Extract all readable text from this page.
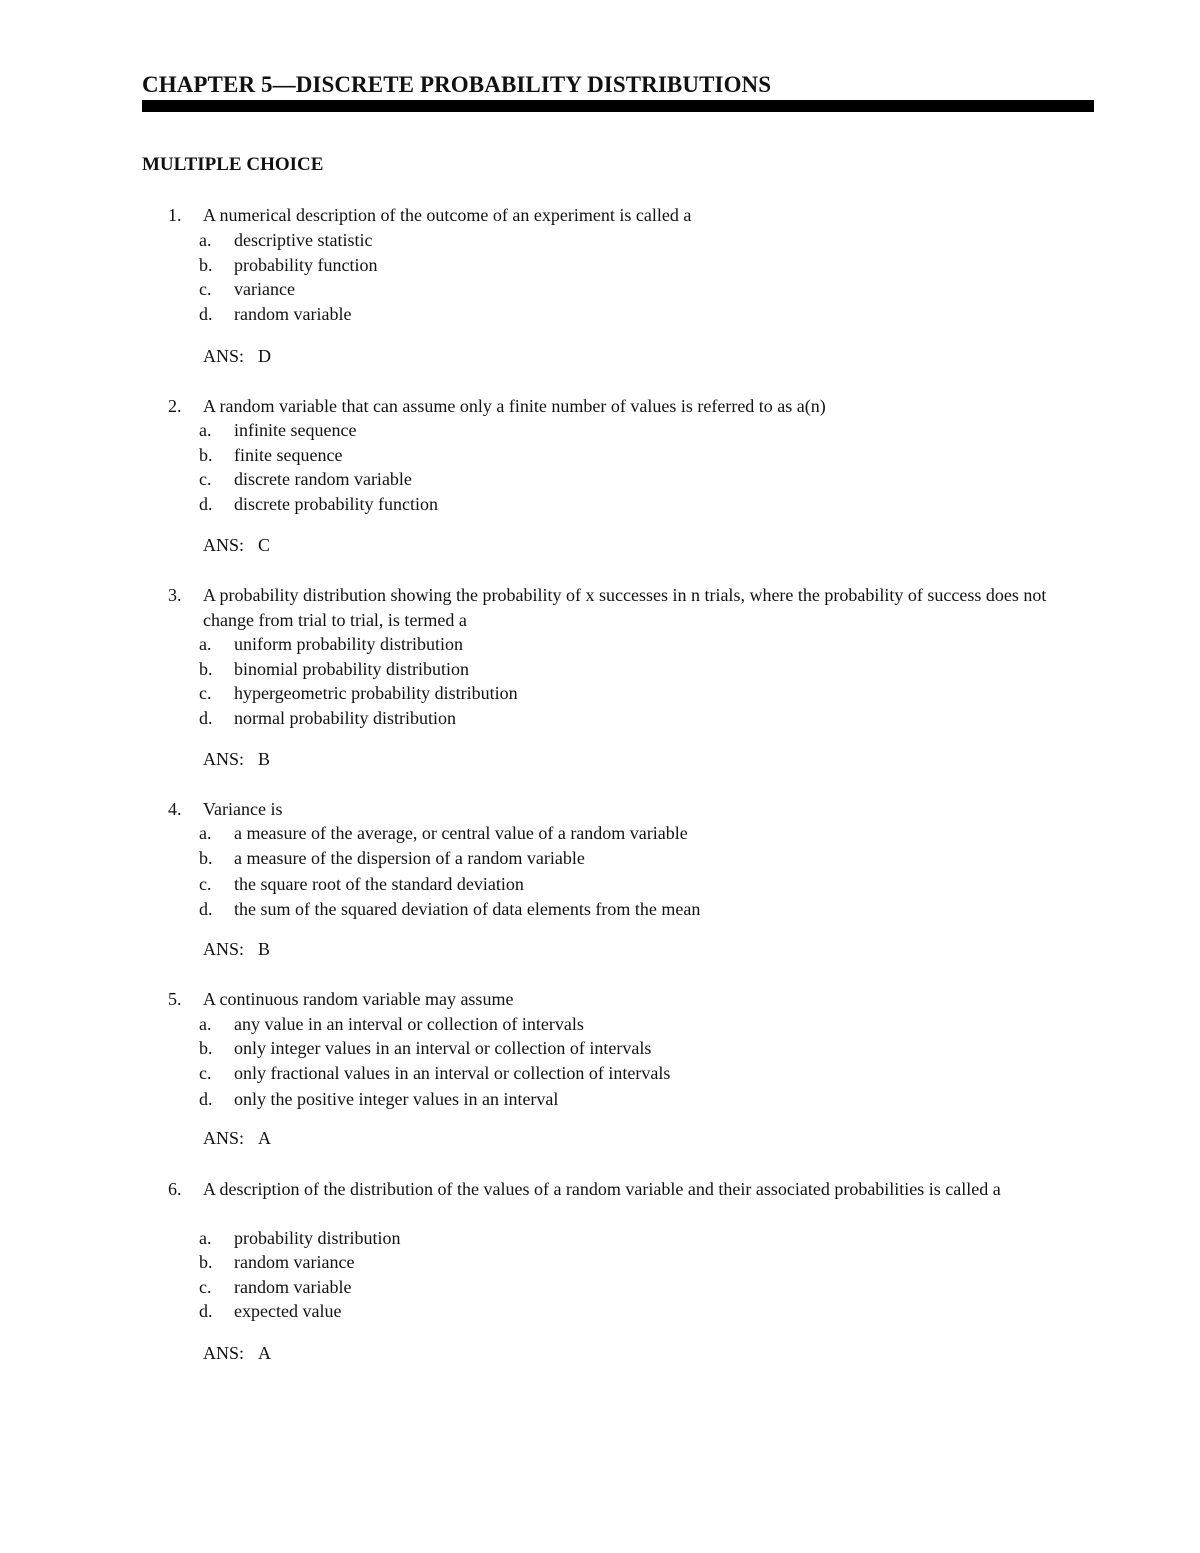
CHAPTER 5—DISCRETE PROBABILITY DISTRIBUTIONS
MULTIPLE CHOICE
1. A numerical description of the outcome of an experiment is called a
a. descriptive statistic
b. probability function
c. variance
d. random variable
ANS: D
2. A random variable that can assume only a finite number of values is referred to as a(n)
a. infinite sequence
b. finite sequence
c. discrete random variable
d. discrete probability function
ANS: C
3. A probability distribution showing the probability of x successes in n trials, where the probability of success does not change from trial to trial, is termed a
a. uniform probability distribution
b. binomial probability distribution
c. hypergeometric probability distribution
d. normal probability distribution
ANS: B
4. Variance is
a. a measure of the average, or central value of a random variable
b. a measure of the dispersion of a random variable
c. the square root of the standard deviation
d. the sum of the squared deviation of data elements from the mean
ANS: B
5. A continuous random variable may assume
a. any value in an interval or collection of intervals
b. only integer values in an interval or collection of intervals
c. only fractional values in an interval or collection of intervals
d. only the positive integer values in an interval
ANS: A
6. A description of the distribution of the values of a random variable and their associated probabilities is called a
a. probability distribution
b. random variance
c. random variable
d. expected value
ANS: A
